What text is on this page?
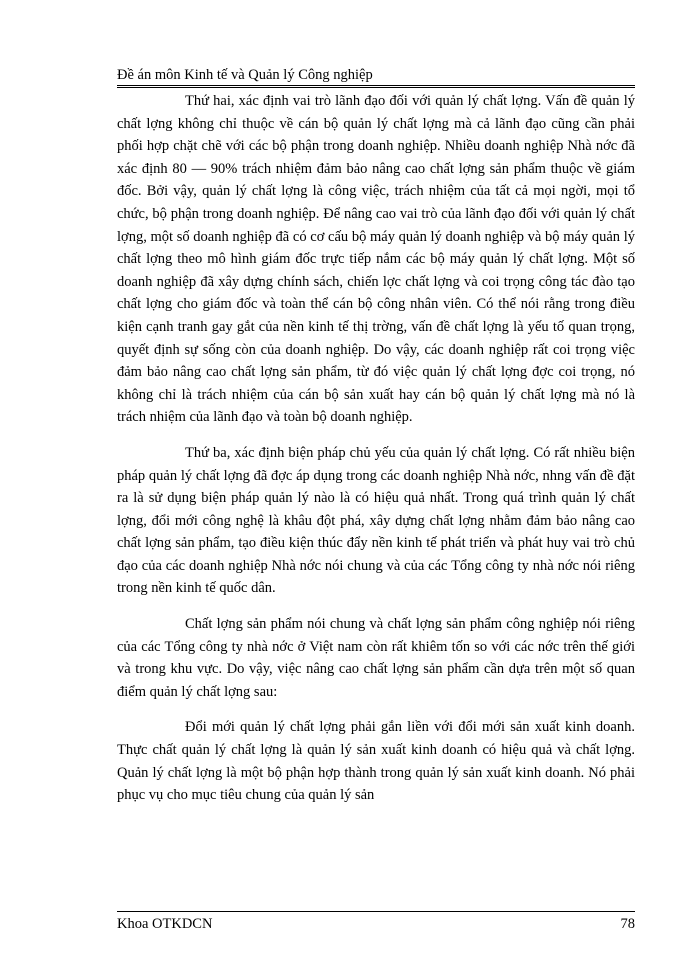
Đề án môn Kinh tế và Quản lý Công nghiệp

Thứ hai, xác định vai trò lãnh đạo đối với quản lý chất lợng. Vấn đề quản lý chất lợng không chỉ thuộc về cán bộ quản lý chất lợng mà cả lãnh đạo cũng cần phải phối hợp chặt chẽ với các bộ phận trong doanh nghiệp. Nhiều doanh nghiệp Nhà nớc đã xác định 80 — 90% trách nhiệm đảm bảo nâng cao chất lợng sản phẩm thuộc về giám đốc. Bởi vậy, quản lý chất lợng là công việc, trách nhiệm của tất cả mọi ngời, mọi tổ chức, bộ phận trong doanh nghiệp. Để nâng cao vai trò của lãnh đạo đối với quản lý chất lợng, một số doanh nghiệp đã có cơ cấu bộ máy quản lý doanh nghiệp và bộ máy quản lý chất lợng theo mô hình giám đốc trực tiếp nắm các bộ máy quản lý chất lợng. Một số doanh nghiệp đã xây dựng chính sách, chiến lợc chất lợng và coi trọng công tác đào tạo chất lợng cho giám đốc và toàn thể cán bộ công nhân viên. Có thể nói rằng trong điều kiện cạnh tranh gay gắt của nền kinh tế thị trờng, vấn đề chất lợng là yếu tố quan trọng, quyết định sự sống còn của doanh nghiệp. Do vậy, các doanh nghiệp rất coi trọng việc đảm bảo nâng cao chất lợng sản phẩm, từ đó việc quản lý chất lợng đợc coi trọng, nó không chỉ là trách nhiệm của cán bộ sản xuất hay cán bộ quản lý chất lợng mà nó là trách nhiệm của lãnh đạo và toàn bộ doanh nghiệp.

Thứ ba, xác định biện pháp chủ yếu của quản lý chất lợng. Có rất nhiều biện pháp quản lý chất lợng đã đợc áp dụng trong các doanh nghiệp Nhà nớc, nhng vấn đề đặt ra là sử dụng biện pháp quản lý nào là có hiệu quả nhất. Trong quá trình quản lý chất lợng, đổi mới công nghệ là khâu đột phá, xây dựng chất lợng nhằm đảm bảo nâng cao chất lợng sản phẩm, tạo điều kiện thúc đẩy nền kinh tế phát triển và phát huy vai trò chủ đạo của các doanh nghiệp Nhà nớc nói chung và của các Tổng công ty nhà nớc nói riêng trong nền kinh tế quốc dân.

Chất lợng sản phẩm nói chung và chất lợng sản phẩm công nghiệp nói riêng của các Tổng công ty nhà nớc ở Việt nam còn rất khiêm tốn so với các nớc trên thế giới và trong khu vực. Do vậy, việc nâng cao chất lợng sản phẩm cần dựa trên một số quan điểm quản lý chất lợng sau:

Đổi mới quản lý chất lợng phải gắn liền với đổi mới sản xuất kinh doanh. Thực chất quản lý chất lợng là quản lý sản xuất kinh doanh có hiệu quả và chất lợng. Quản lý chất lợng là một bộ phận hợp thành trong quản lý sản xuất kinh doanh. Nó phải phục vụ cho mục tiêu chung của quản lý sản

Khoa OTKDCN	78
